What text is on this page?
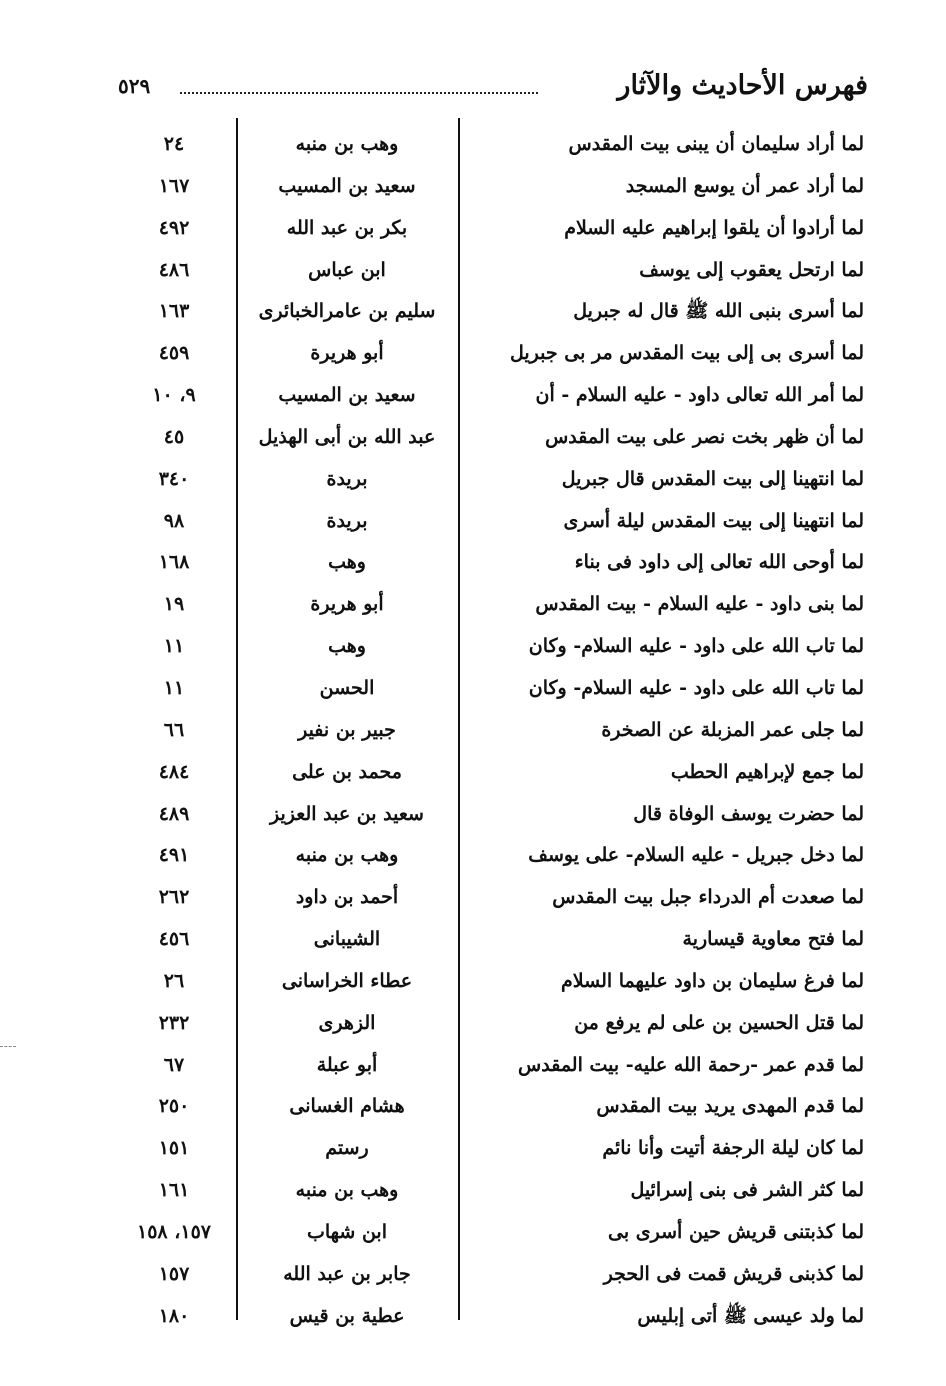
فهرس الأحاديث والآثار
٥٢٩
لما أراد سليمان أن يبنى بيت المقدس
وهب بن منبه
٢٤
لما أراد عمر أن يوسع المسجد
سعيد بن المسيب
١٦٧
لما أرادوا أن يلقوا إبراهيم عليه السلام
بكر بن عبد الله
٤٩٢
لما ارتحل يعقوب إلى يوسف
ابن عباس
٤٨٦
لما أسرى بنبى الله ﷺ قال له جبريل
سليم بن عامرالخبائرى
١٦٣
لما أسرى بى إلى بيت المقدس مر بى جبريل
أبو هريرة
٤٥٩
لما أمر الله تعالى داود - عليه السلام - أن
سعيد بن المسيب
٩، ١٠
لما أن ظهر بخت نصر على بيت المقدس
عبد الله بن أبى الهذيل
٤٥
لما انتهينا إلى بيت المقدس قال جبريل
بريدة
٣٤٠
لما انتهينا إلى بيت المقدس ليلة أسرى
بريدة
٩٨
لما أوحى الله تعالى إلى داود فى بناء
وهب
١٦٨
لما بنى داود - عليه السلام - بيت المقدس
أبو هريرة
١٩
لما تاب الله على داود - عليه السلام- وكان
وهب
١١
لما تاب الله على داود - عليه السلام- وكان
الحسن
١١
لما جلى عمر المزبلة عن الصخرة
جبير بن نفير
٦٦
لما جمع لإبراهيم الحطب
محمد بن على
٤٨٤
لما حضرت يوسف الوفاة قال
سعيد بن عبد العزيز
٤٨٩
لما دخل جبريل - عليه السلام- على يوسف
وهب بن منبه
٤٩١
لما صعدت أم الدرداء جبل بيت المقدس
أحمد بن داود
٢٦٢
لما فتح معاوية قيسارية
الشيبانى
٤٥٦
لما فرغ سليمان بن داود عليهما السلام
عطاء الخراسانى
٢٦
لما قتل الحسين بن على لم يرفع من
الزهرى
٢٣٢
لما قدم عمر -رحمة الله عليه- بيت المقدس
أبو عبلة
٦٧
لما قدم المهدى يريد بيت المقدس
هشام الغسانى
٢٥٠
لما كان ليلة الرجفة أتيت وأنا نائم
رستم
١٥١
لما كثر الشر فى بنى إسرائيل
وهب بن منبه
١٦١
لما كذبتنى قريش حين أسرى بى
ابن شهاب
١٥٧، ١٥٨
لما كذبنى قريش قمت فى الحجر
جابر بن عبد الله
١٥٧
لما ولد عيسى ﷺ أتى إبليس
عطية بن قيس
١٨٠
